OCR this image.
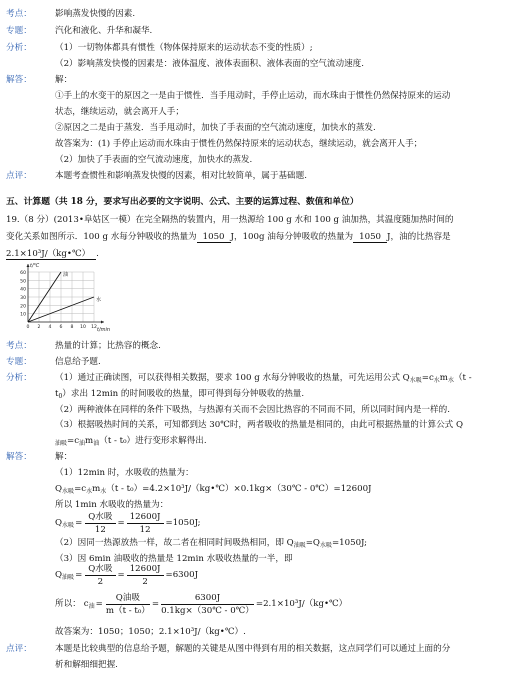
考点：	影响蒸发快慢的因素.
专题：	汽化和液化、升华和凝华.
分析：	（1）一切物体都具有惯性（物体保持原来的运动状态不变的性质）;
（2）影响蒸发快慢的因素是：液体温度、液体表面积、液体表面的空气流动速度.
解答：	解：
①手上的水变干的原因之一是由于惯性．当手甩动时，手停止运动，而水珠由于惯性仍然保持原来的运动
状态，继续运动，就会离开人手；
②原因之二是由于蒸发．当手甩动时，加快了手表面的空气流动速度，加快水的蒸发.
故答案为：(1) 手停止运动而水珠由于惯性仍然保持原来的运动状态，继续运动，就会离开人手；
（2）加快了手表面的空气流动速度，加快水的蒸发.
点评：	本题考查惯性和影响蒸发快慢的因素，相对比较简单，属于基础题.
五、计算题（共 18 分，要求写出必要的文字说明、公式、主要的运算过程、数值和单位）
19.（8 分）(2013•阜姑区一模）在完全隔热的装置内，用一热源给 100 g 水和 100 g 油加热，其温度随加热时间的
变化关系如图所示．100 g 水每分钟吸收的热量为 1050 J，100g 油每分钟吸收的热量为 1050 J，油的比热容是
2.1×10³J/（kg•℃） .
60
50
40
30
20
10
0 2 4 6 8 10 12
t/℃
t/min
油
水
考点：	热量的计算；比热容的概念.
专题：	信息给予题.
分析：	（1）通过正确读图，可以获得相关数据，要求 100 g 水每分钟吸收的热量，可先运用公式 $Q_{水吸}=c_水m_水(t$ -
$t_0$）求出 12min 的时间吸收的热量，即可得到每分钟吸收的热量.
（2）两种液体在同样的条件下吸热，与热源有关而不会因比热容的不同而不同，所以同时间内是一样的.
（3）根据吸热时间的关系，可知都到达 30℃时，两者吸收的热量是相同的，由此可根据热量的计算公式 Q
$_{油吸}=c_油m_油(t - t_0)$进行变形求解得出.
解答：	解：
（1）12min 时，水吸收的热量为：
$Q_{水吸}=c_水m_水(t$ - t₀）=4.2×10³J/（kg•℃）×0.1kg×（30℃ - 0℃）=12600J
所以 1min 水吸收的热量为：
$Q_{水吸} = \frac{\text{Q水吸}}{12} = \frac{12600J}{12} =1050J$;
（2）因同一热源放热一样，故二者在相同时间吸热相同，即 $Q_{油吸}=Q_{水吸}=1050J$;
（3）因 6min 油吸收的热量是 12min 水吸收热量的一半，即
$Q_{油吸} = \frac{\text{Q水吸}}{2} = \frac{12600J}{2} =6300J$
所以： $c_油 = \frac{\text{Q油吸}}{\text{m（t - t₀）}} = \frac{6300J}{0.1kg\times(30℃ - 0℃)}$ =2.1×10³J/（kg•℃）
故答案为：1050；1050；2.1×10³J/（kg•℃）.
点评：	本题是比较典型的信息给予题，解题的关键是从图中得到有用的相关数据，这点同学们可以通过上面的分
析和解细细把握.
